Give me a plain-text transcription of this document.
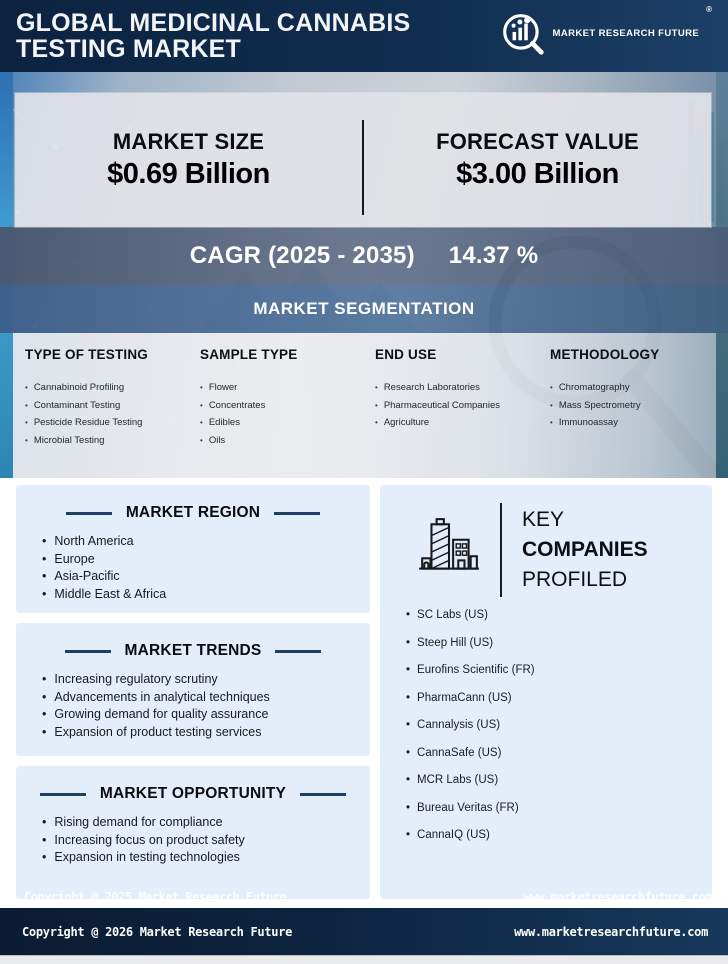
GLOBAL MEDICINAL CANNABIS
TESTING MARKET
MARKET RESEARCH FUTURE
®
MARKET SIZE
$0.69 Billion
FORECAST VALUE
$3.00 Billion
CAGR (2025 - 2035) 14.37 %
MARKET SEGMENTATION
TYPE OF TESTING
• Cannabinoid Profiling
• Contaminant Testing
• Pesticide Residue Testing
• Microbial Testing
SAMPLE TYPE
• Flower
• Concentrates
• Edibles
• Oils
END USE
• Research Laboratories
• Pharmaceutical Companies
• Agriculture
METHODOLOGY
• Chromatography
• Mass Spectrometry
• Immunoassay
MARKET REGION
• North America
• Europe
• Asia-Pacific
• Middle East & Africa
MARKET TRENDS
• Increasing regulatory scrutiny
• Advancements in analytical techniques
• Growing demand for quality assurance
• Expansion of product testing services
MARKET OPPORTUNITY
• Rising demand for compliance
• Increasing focus on product safety
• Expansion in testing technologies
KEY
COMPANIES
PROFILED
• SC Labs (US)
• Steep Hill (US)
• Eurofins Scientific (FR)
• PharmaCann (US)
• Cannalysis (US)
• CannaSafe (US)
• MCR Labs (US)
• Bureau Veritas (FR)
• CannaIQ (US)
Copyright @ 2025 Market Research Future	www.marketresearchfuture.com
Copyright @ 2026 Market Research Future	www.marketresearchfuture.com
